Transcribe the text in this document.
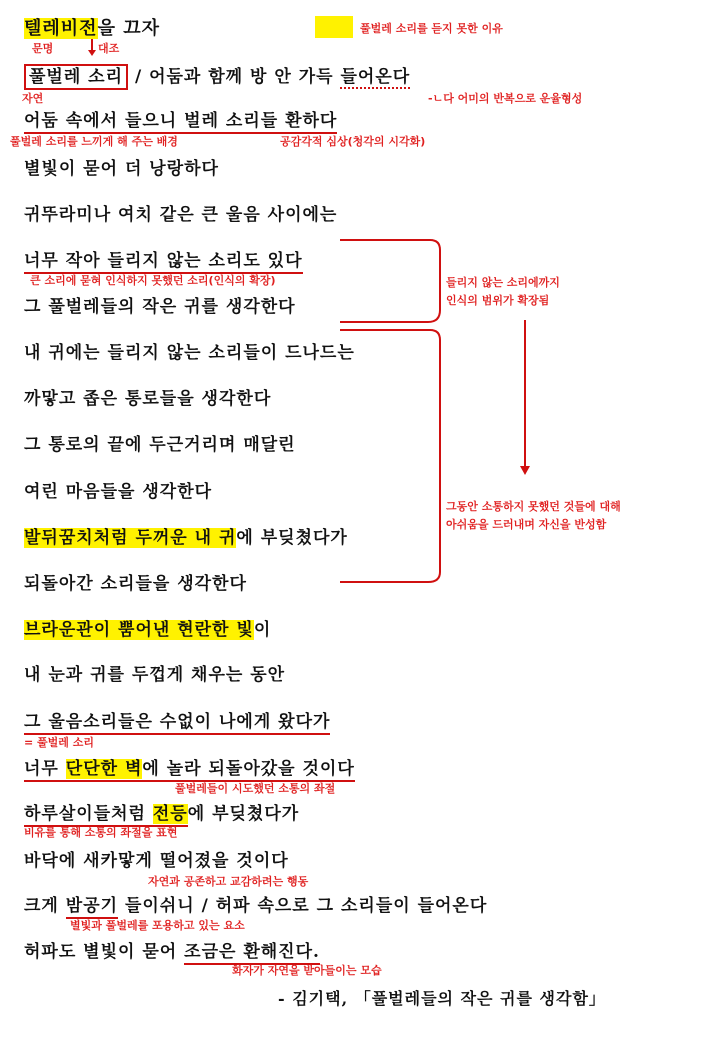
풀벌레 소리를 듣지 못한 이유
텔레비전을 끄자
문명	대조
풀벌레 소리 / 어둠과 함께 방 안 가득 들어온다
자연	-ㄴ다 어미의 반복으로 운율형성
어둠 속에서 들으니 벌레 소리들 환하다
풀벌레 소리를 느끼게 해 주는 배경	공감각적 심상(청각의 시각화)
별빛이 묻어 더 낭랑하다
귀뚜라미나 여치 같은 큰 울음 사이에는
너무 작아 들리지 않는 소리도 있다
큰 소리에 묻혀 인식하지 못했던 소리(인식의 확장)	들리지 않는 소리에까지
인식의 범위가 확장됨
그 풀벌레들의 작은 귀를 생각한다
내 귀에는 들리지 않는 소리들이 드나드는
까맣고 좁은 통로들을 생각한다
그 통로의 끝에 두근거리며 매달린
여린 마음들을 생각한다
발뒤꿈치처럼 두꺼운 내 귀에 부딪쳤다가
그동안 소통하지 못했던 것들에 대해
아쉬움을 드러내며 자신을 반성함
되돌아간 소리들을 생각한다
브라운관이 뿜어낸 현란한 빛이
내 눈과 귀를 두껍게 채우는 동안
그 울음소리들은 수없이 나에게 왔다가
= 풀벌레 소리
너무 단단한 벽에 놀라 되돌아갔을 것이다
풀벌레들이 시도했던 소통의 좌절
하루살이들처럼 전등에 부딪쳤다가
비유를 통해 소통의 좌절을 표현
바닥에 새카맣게 떨어졌을 것이다
자연과 공존하고 교감하려는 행동
크게 밤공기 들이쉬니 / 허파 속으로 그 소리들이 들어온다
별빛과 풀벌레를 포용하고 있는 요소
허파도 별빛이 묻어 조금은 환해진다.
화자가 자연을 받아들이는 모습
- 김기택, 「풀벌레들의 작은 귀를 생각함」
